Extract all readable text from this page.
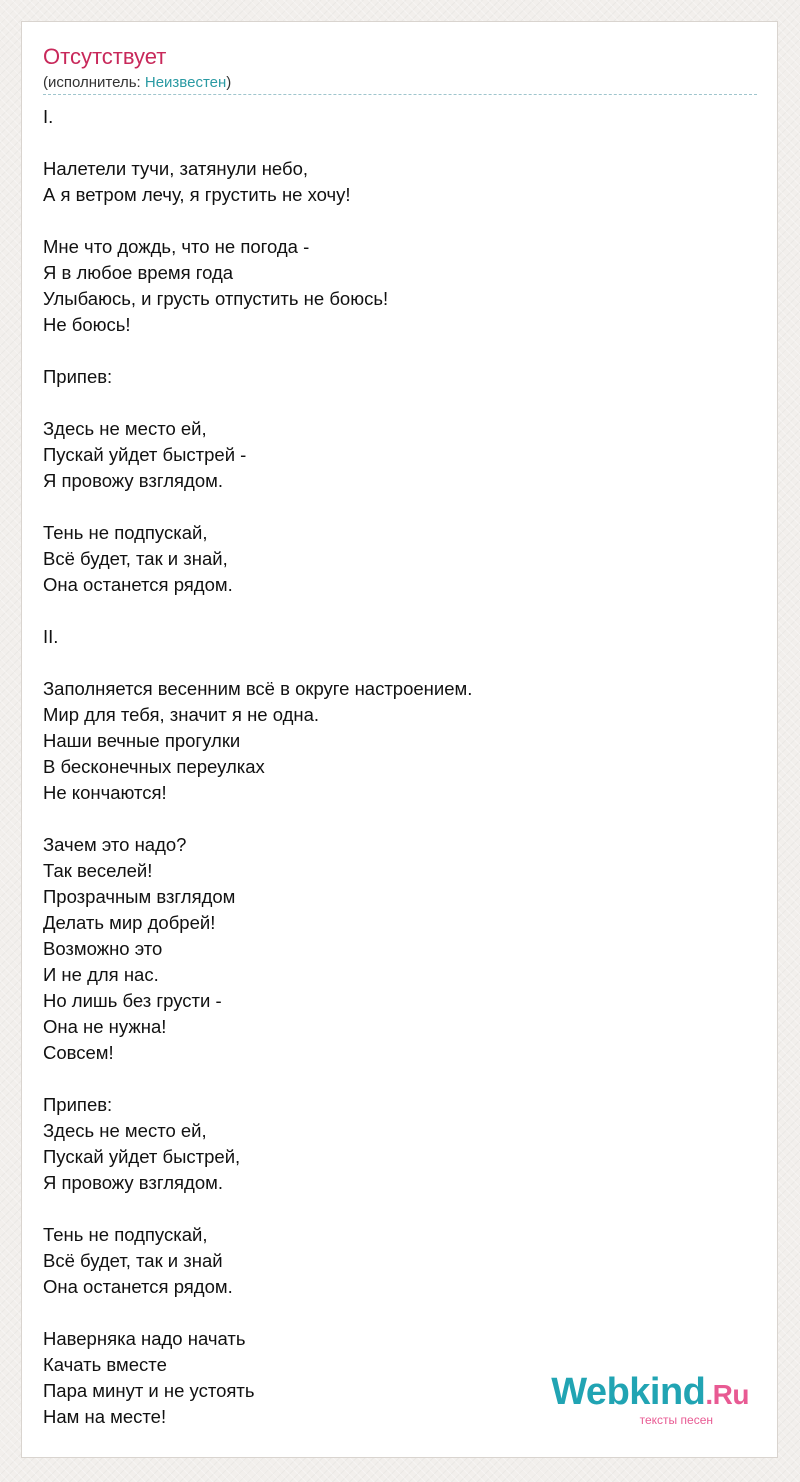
Отсутствует
(исполнитель: Неизвестен)
I.

Налетели тучи, затянули небо,
А я ветром лечу, я грустить не хочу!

Мне что дождь, что не погода -
Я в любое время года
Улыбаюсь, и грусть отпустить не боюсь!
Не боюсь!

Припев:

Здесь не место ей,
Пускай уйдет быстрей -
Я провожу взглядом.

Тень не подпускай,
Всё будет, так и знай,
Она останется рядом.

II.

Заполняется весенним всё в округе настроением.
Мир для тебя, значит я не одна.
Наши вечные прогулки
В бесконечных переулках
Не кончаются!

Зачем это надо?
Так веселей!
Прозрачным взглядом
Делать мир добрей!
Возможно это
И не для нас.
Но лишь без грусти -
Она не нужна!
Совсем!

Припев:
Здесь не место ей,
Пускай уйдет быстрей,
Я провожу взглядом.

Тень не подпускай,
Всё будет, так и знай
Она останется рядом.

Наверняка надо начать
Качать вместе
Пара минут и не устоять
Нам на месте!
Webkind.Ru
тексты песен
